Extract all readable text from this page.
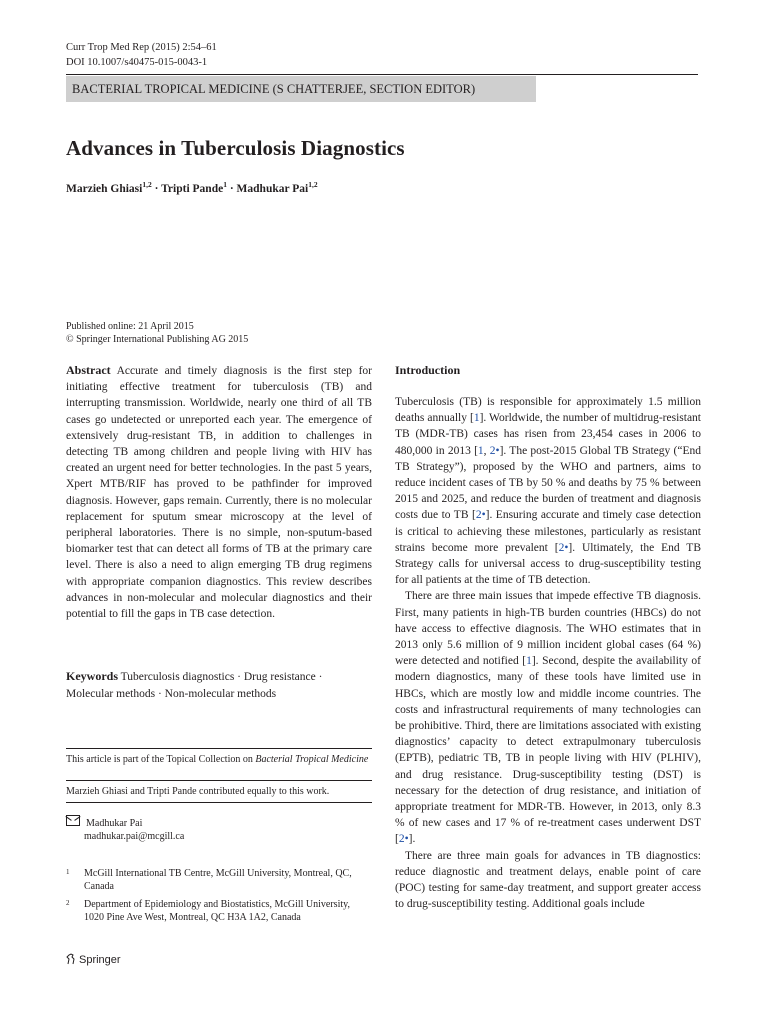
Curr Trop Med Rep (2015) 2:54–61
DOI 10.1007/s40475-015-0043-1
BACTERIAL TROPICAL MEDICINE (S CHATTERJEE, SECTION EDITOR)
Advances in Tuberculosis Diagnostics
Marzieh Ghiasi$^{1,2}$ · Tripti Pande$^1$ · Madhukar Pai$^{1,2}$
Published online: 21 April 2015
© Springer International Publishing AG 2015
Abstract Accurate and timely diagnosis is the first step for initiating effective treatment for tuberculosis (TB) and interrupting transmission. Worldwide, nearly one third of all TB cases go undetected or unreported each year. The emergence of extensively drug-resistant TB, in addition to challenges in detecting TB among children and people living with HIV has created an urgent need for better technologies. In the past 5 years, Xpert MTB/RIF has proved to be pathfinder for improved diagnosis. However, gaps remain. Currently, there is no molecular replacement for sputum smear microscopy at the level of peripheral laboratories. There is no simple, non-sputum-based biomarker test that can detect all forms of TB at the primary care level. There is also a need to align emerging TB drug regimens with appropriate companion diagnostics. This review describes advances in non-molecular and molecular diagnostics and their potential to fill the gaps in TB case detection.
Keywords Tuberculosis diagnostics · Drug resistance · Molecular methods · Non-molecular methods
This article is part of the Topical Collection on Bacterial Tropical Medicine
Marzieh Ghiasi and Tripti Pande contributed equally to this work.
Madhukar Pai
madhukar.pai@mcgill.ca
1 McGill International TB Centre, McGill University, Montreal, QC, Canada
2 Department of Epidemiology and Biostatistics, McGill University, 1020 Pine Ave West, Montreal, QC H3A 1A2, Canada
Springer
Introduction

Tuberculosis (TB) is responsible for approximately 1.5 million deaths annually [1]. Worldwide, the number of multidrug-resistant TB (MDR-TB) cases has risen from 23,454 cases in 2006 to 480,000 in 2013 [1, 2•]. The post-2015 Global TB Strategy (“End TB Strategy”), proposed by the WHO and partners, aims to reduce incident cases of TB by 50 % and deaths by 75 % between 2015 and 2025, and reduce the burden of treatment and diagnosis costs due to TB [2•]. Ensuring accurate and timely case detection is critical to achieving these milestones, particularly as resistant strains become more prevalent [2•]. Ultimately, the End TB Strategy calls for universal access to drug-susceptibility testing for all patients at the time of TB detection.

There are three main issues that impede effective TB diagnosis. First, many patients in high-TB burden countries (HBCs) do not have access to effective diagnosis. The WHO estimates that in 2013 only 5.6 million of 9 million incident global cases (64 %) were detected and notified [1]. Second, despite the availability of modern diagnostics, many of these tools have limited use in HBCs, which are mostly low and middle income countries. The costs and infrastructural requirements of many technologies can be prohibitive. Third, there are limitations associated with existing diagnostics’ capacity to detect extrapulmonary tuberculosis (EPTB), pediatric TB, TB in people living with HIV (PLHIV), and drug resistance. Drug-susceptibility testing (DST) is necessary for the detection of drug resistance, and initiation of appropriate treatment for MDR-TB. However, in 2013, only 8.3 % of new cases and 17 % of re-treatment cases underwent DST [2•].

There are three main goals for advances in TB diagnostics: reduce diagnostic and treatment delays, enable point of care (POC) testing for same-day treatment, and support greater access to drug-susceptibility testing. Additional goals include
